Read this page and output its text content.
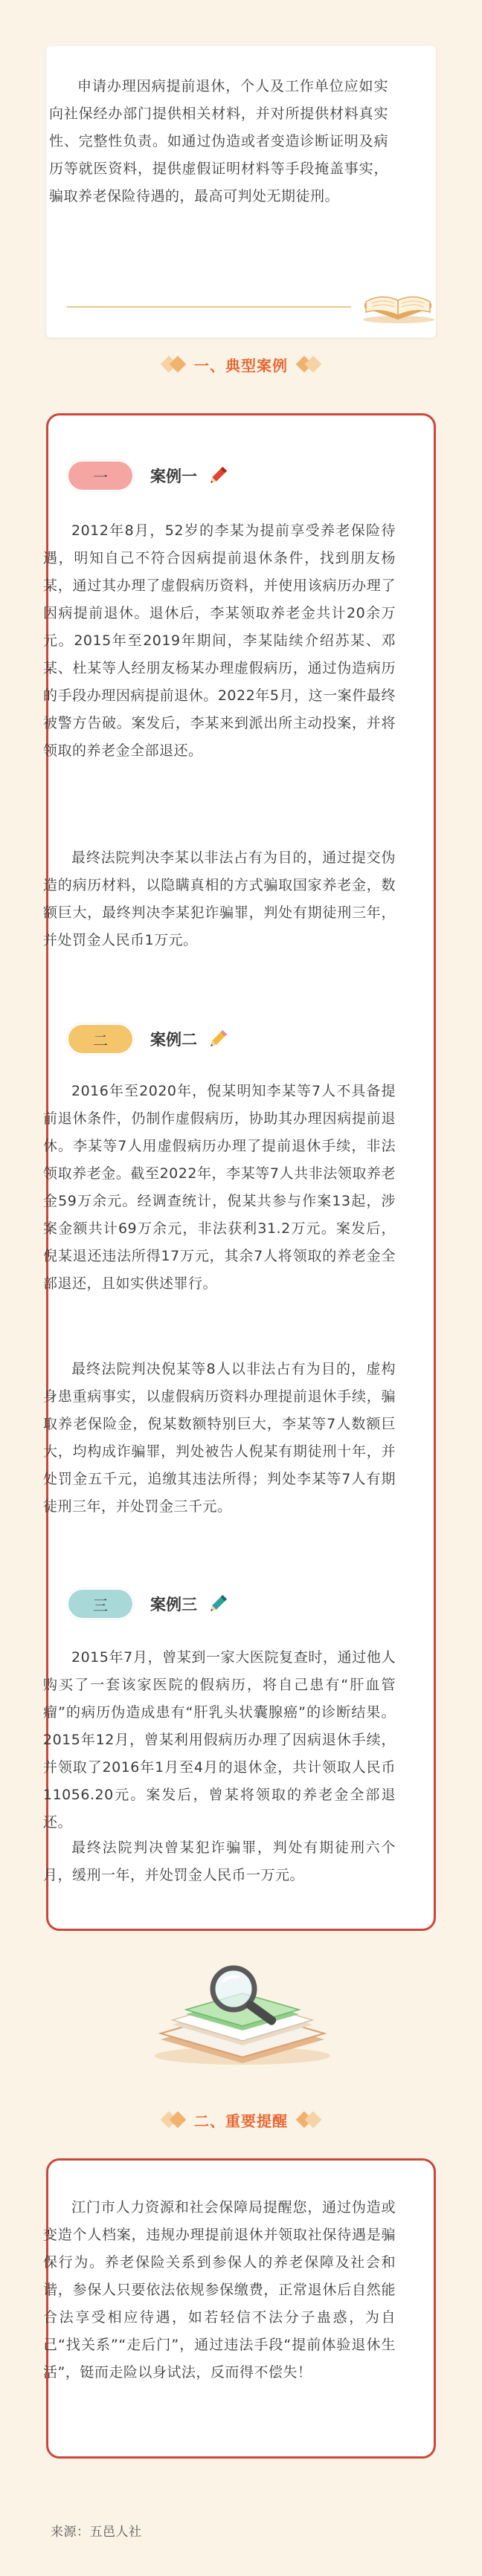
申请办理因病提前退休，个人及工作单位应如实向社保经办部门提供相关材料，并对所提供材料真实性、完整性负责。如通过伪造或者变造诊断证明及病历等就医资料，提供虚假证明材料等手段掩盖事实，骗取养老保险待遇的，最高可判处无期徒刑。

一、典型案例
一	案例一

2012年8月，52岁的李某为提前享受养老保险待遇，明知自己不符合因病提前退休条件，找到朋友杨某，通过其办理了虚假病历资料，并使用该病历办理了因病提前退休。退休后，李某领取养老金共计20余万元。2015年至2019年期间，李某陆续介绍苏某、邓某、杜某等人经朋友杨某办理虚假病历，通过伪造病历的手段办理因病提前退休。2022年5月，这一案件最终被警方告破。案发后，李某来到派出所主动投案，并将领取的养老金全部退还。

最终法院判决李某以非法占有为目的，通过提交伪造的病历材料，以隐瞒真相的方式骗取国家养老金，数额巨大，最终判决李某犯诈骗罪，判处有期徒刑三年，并处罚金人民币1万元。

二	案例二

2016年至2020年，倪某明知李某等7人不具备提前退休条件，仍制作虚假病历，协助其办理因病提前退休。李某等7人用虚假病历办理了提前退休手续，非法领取养老金。截至2022年，李某等7人共非法领取养老金59万余元。经调查统计，倪某共参与作案13起，涉案金额共计69万余元，非法获利31.2万元。案发后，倪某退还违法所得17万元，其余7人将领取的养老金全部退还，且如实供述罪行。

最终法院判决倪某等8人以非法占有为目的，虚构身患重病事实，以虚假病历资料办理提前退休手续，骗取养老保险金，倪某数额特别巨大，李某等7人数额巨大，均构成诈骗罪，判处被告人倪某有期徒刑十年，并处罚金五千元，追缴其违法所得；判处李某等7人有期徒刑三年，并处罚金三千元。

三	案例三

2015年7月，曾某到一家大医院复查时，通过他人购买了一套该家医院的假病历，将自己患有“肝血管瘤”的病历伪造成患有“肝乳头状囊腺癌”的诊断结果。2015年12月，曾某利用假病历办理了因病退休手续，并领取了2016年1月至4月的退休金，共计领取人民币11056.20元。案发后，曾某将领取的养老金全部退还。

最终法院判决曾某犯诈骗罪，判处有期徒刑六个月，缓刑一年，并处罚金人民币一万元。

二、重要提醒

江门市人力资源和社会保障局提醒您，通过伪造或变造个人档案，违规办理提前退休并领取社保待遇是骗保行为。养老保险关系到参保人的养老保障及社会和谐，参保人只要依法依规参保缴费，正常退休后自然能合法享受相应待遇，如若轻信不法分子蛊惑，为自己“找关系”“走后门”，通过违法手段“提前体验退休生活”，铤而走险以身试法，反而得不偿失！

来源：五邑人社
